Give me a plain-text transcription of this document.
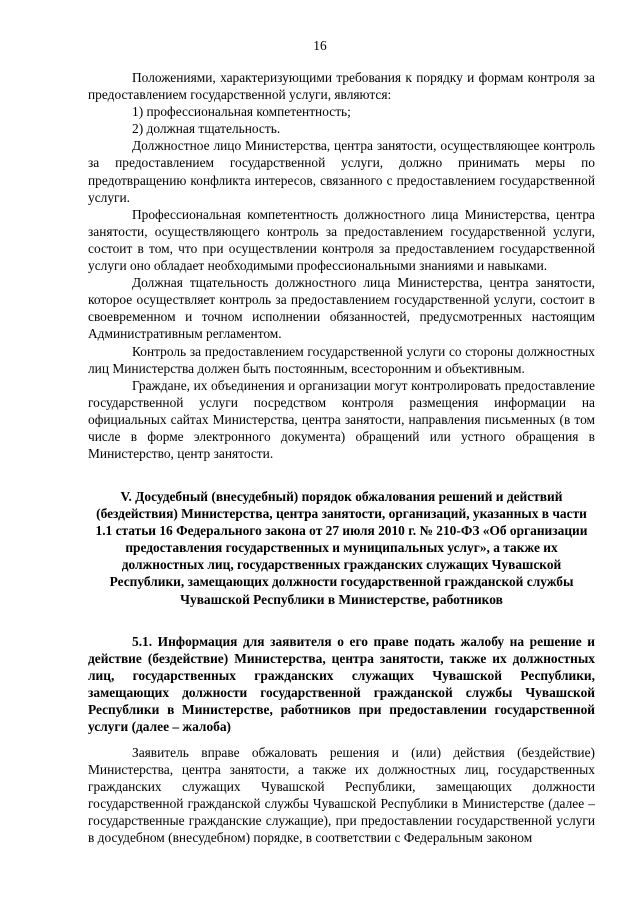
16

Положениями, характеризующими требования к порядку и формам контроля за предоставлением государственной услуги, являются:

1) профессиональная компетентность;

2) должная тщательность.

Должностное лицо Министерства, центра занятости, осуществляющее контроль за предоставлением государственной услуги, должно принимать меры по предотвращению конфликта интересов, связанного с предоставлением государственной услуги.

Профессиональная компетентность должностного лица Министерства, центра занятости, осуществляющего контроль за предоставлением государственной услуги, состоит в том, что при осуществлении контроля за предоставлением государственной услуги оно обладает необходимыми профессиональными знаниями и навыками.

Должная тщательность должностного лица Министерства, центра занятости, которое осуществляет контроль за предоставлением государственной услуги, состоит в своевременном и точном исполнении обязанностей, предусмотренных настоящим Административным регламентом.

Контроль за предоставлением государственной услуги со стороны должностных лиц Министерства должен быть постоянным, всесторонним и объективным.

Граждане, их объединения и организации могут контролировать предоставление государственной услуги посредством контроля размещения информации на официальных сайтах Министерства, центра занятости, направления письменных (в том числе в форме электронного документа) обращений или устного обращения в Министерство, центр занятости.

V. Досудебный (внесудебный) порядок обжалования решений и действий (бездействия) Министерства, центра занятости, организаций, указанных в части 1.1 статьи 16 Федерального закона от 27 июля 2010 г. № 210-ФЗ «Об организации предоставления государственных и муниципальных услуг», а также их должностных лиц, государственных гражданских служащих Чувашской Республики, замещающих должности государственной гражданской службы Чувашской Республики в Министерстве, работников
5.1. Информация для заявителя о его праве подать жалобу на решение и действие (бездействие) Министерства, центра занятости, также их должностных лиц, государственных гражданских служащих Чувашской Республики, замещающих должности государственной гражданской службы Чувашской Республики в Министерстве, работников при предоставлении государственной услуги (далее – жалоба)

Заявитель вправе обжаловать решения и (или) действия (бездействие) Министерства, центра занятости, а также их должностных лиц, государственных гражданских служащих Чувашской Республики, замещающих должности государственной гражданской службы Чувашской Республики в Министерстве (далее – государственные гражданские служащие), при предоставлении государственной услуги в досудебном (внесудебном) порядке, в соответствии с Федеральным законом
